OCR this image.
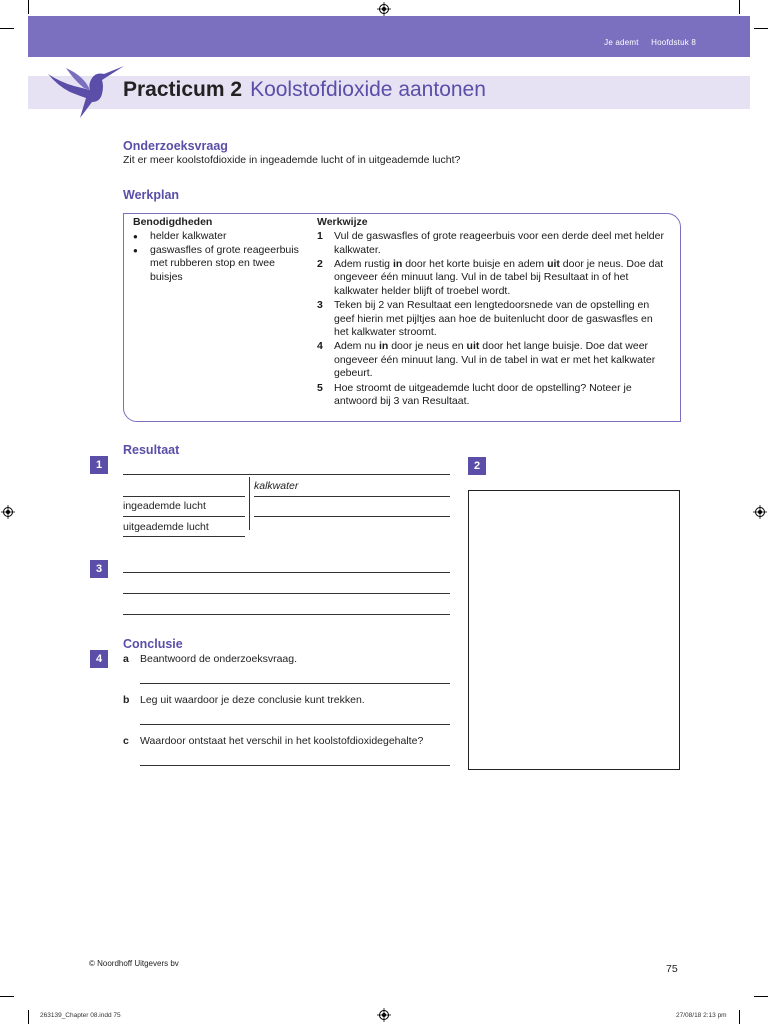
Je ademt Hoofdstuk 8
Practicum 2 Koolstofdioxide aantonen
Onderzoeksvraag
Zit er meer koolstofdioxide in ingeademde lucht of in uitgeademde lucht?
Werkplan
Benodigdheden
● helder kalkwater
● gaswasfles of grote reageerbuis met rubberen stop en twee buisjes
Werkwijze
1 Vul de gaswasfles of grote reageerbuis voor een derde deel met helder kalkwater.
2 Adem rustig in door het korte buisje en adem uit door je neus. Doe dat ongeveer één minuut lang. Vul in de tabel bij Resultaat in of het kalkwater helder blijft of troebel wordt.
3 Teken bij 2 van Resultaat een lengtedoorsnede van de opstelling en geef hierin met pijltjes aan hoe de buitenlucht door de gaswasfles en het kalkwater stroomt.
4 Adem nu in door je neus en uit door het lange buisje. Doe dat weer ongeveer één minuut lang. Vul in de tabel in wat er met het kalkwater gebeurt.
5 Hoe stroomt de uitgeademde lucht door de opstelling? Noteer je antwoord bij 3 van Resultaat.
Resultaat
1	2
kalkwater
ingeademde lucht
uitgeademde lucht
3
Conclusie
4	a Beantwoord de onderzoeksvraag.
b Leg uit waardoor je deze conclusie kunt trekken.
c Waardoor ontstaat het verschil in het koolstofdioxidegehalte?
© Noordhoff Uitgevers bv	75
263139_Chapter 08.indd 75	27/08/18 2:13 pm
